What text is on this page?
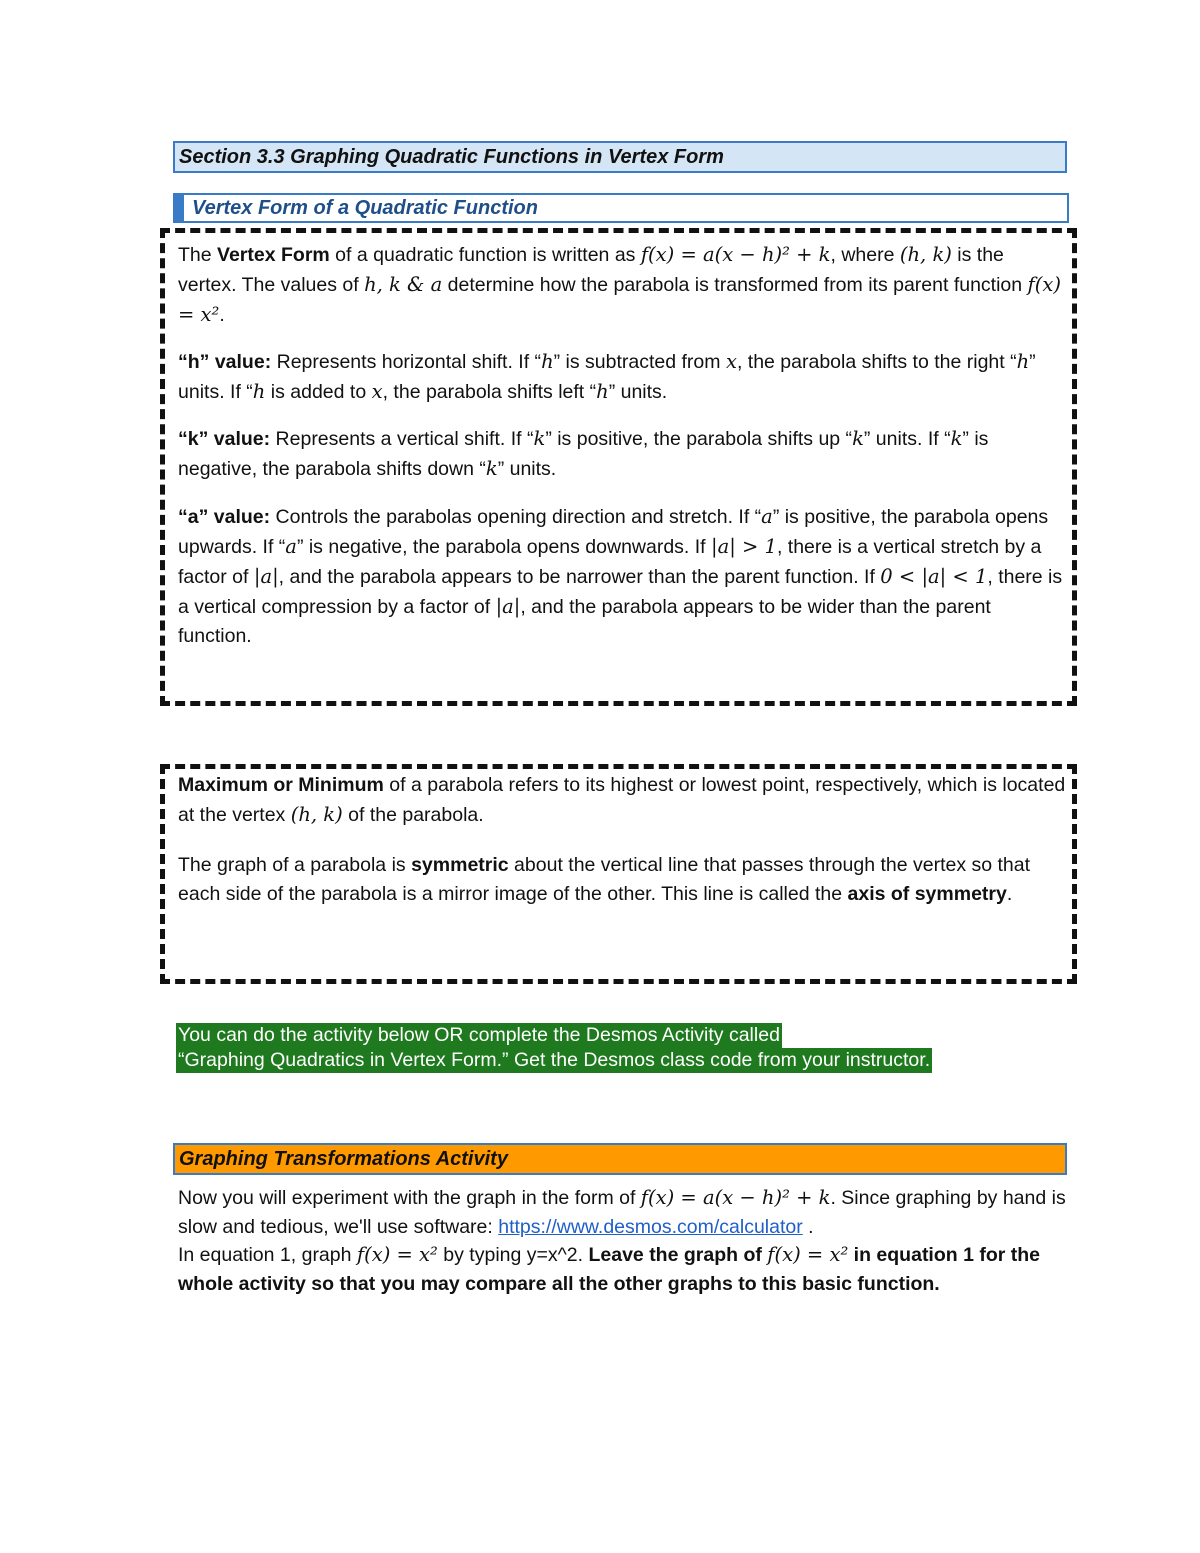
Section 3.3 Graphing Quadratic Functions in Vertex Form
Vertex Form of a Quadratic Function

The Vertex Form of a quadratic function is written as f(x) = a(x − h)² + k, where (h, k) is the vertex. The values of h, k & a determine how the parabola is transformed from its parent function f(x) = x².

“h” value: Represents horizontal shift. If “h” is subtracted from x, the parabola shifts to the right “h” units. If “h is added to x, the parabola shifts left “h” units.

“k” value: Represents a vertical shift. If “k” is positive, the parabola shifts up “k” units. If “k” is negative, the parabola shifts down “k” units.

“a” value: Controls the parabolas opening direction and stretch. If “a” is positive, the parabola opens upwards. If “a” is negative, the parabola opens downwards. If |a| > 1, there is a vertical stretch by a factor of |a|, and the parabola appears to be narrower than the parent function. If 0 < |a| < 1, there is a vertical compression by a factor of |a|, and the parabola appears to be wider than the parent function.

Maximum or Minimum of a parabola refers to its highest or lowest point, respectively, which is located at the vertex (h, k) of the parabola.

The graph of a parabola is symmetric about the vertical line that passes through the vertex so that each side of the parabola is a mirror image of the other. This line is called the axis of symmetry.

You can do the activity below OR complete the Desmos Activity called
“Graphing Quadratics in Vertex Form.” Get the Desmos class code from your instructor.
Graphing Transformations Activity

Now you will experiment with the graph in the form of f(x) = a(x − h)² + k. Since graphing by hand is slow and tedious, we'll use software: https://www.desmos.com/calculator .

In equation 1, graph f(x) = x² by typing y=x^2. Leave the graph of f(x) = x² in equation 1 for the whole activity so that you may compare all the other graphs to this basic function.
